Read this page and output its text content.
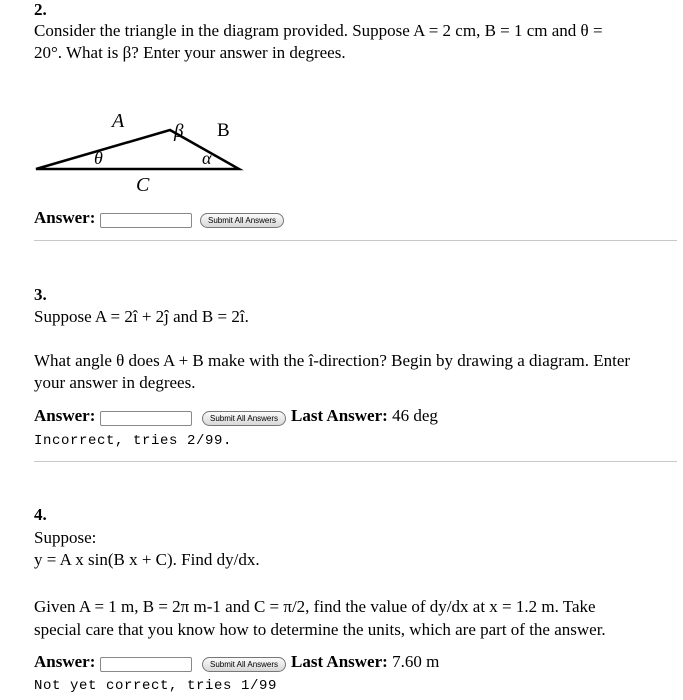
2.
Consider the triangle in the diagram provided. Suppose A = 2 cm, B = 1 cm and θ =
20°. What is β? Enter your answer in degrees.
A	β B
θ	α
C
Answer:	Submit All Answers
3.
Suppose A = 2î + 2ĵ and B = 2î.
What angle θ does A + B make with the î-direction? Begin by drawing a diagram. Enter
your answer in degrees.
Answer:	Submit All Answers Last Answer: 46 deg
Incorrect, tries 2/99.
4.
Suppose:
y = A x sin(B x + C). Find dy/dx.
Given A = 1 m, B = 2π m-1 and C = π/2, find the value of dy/dx at x = 1.2 m. Take
special care that you know how to determine the units, which are part of the answer.
Answer:	Submit All Answers Last Answer: 7.60 m
Not yet correct, tries 1/99
